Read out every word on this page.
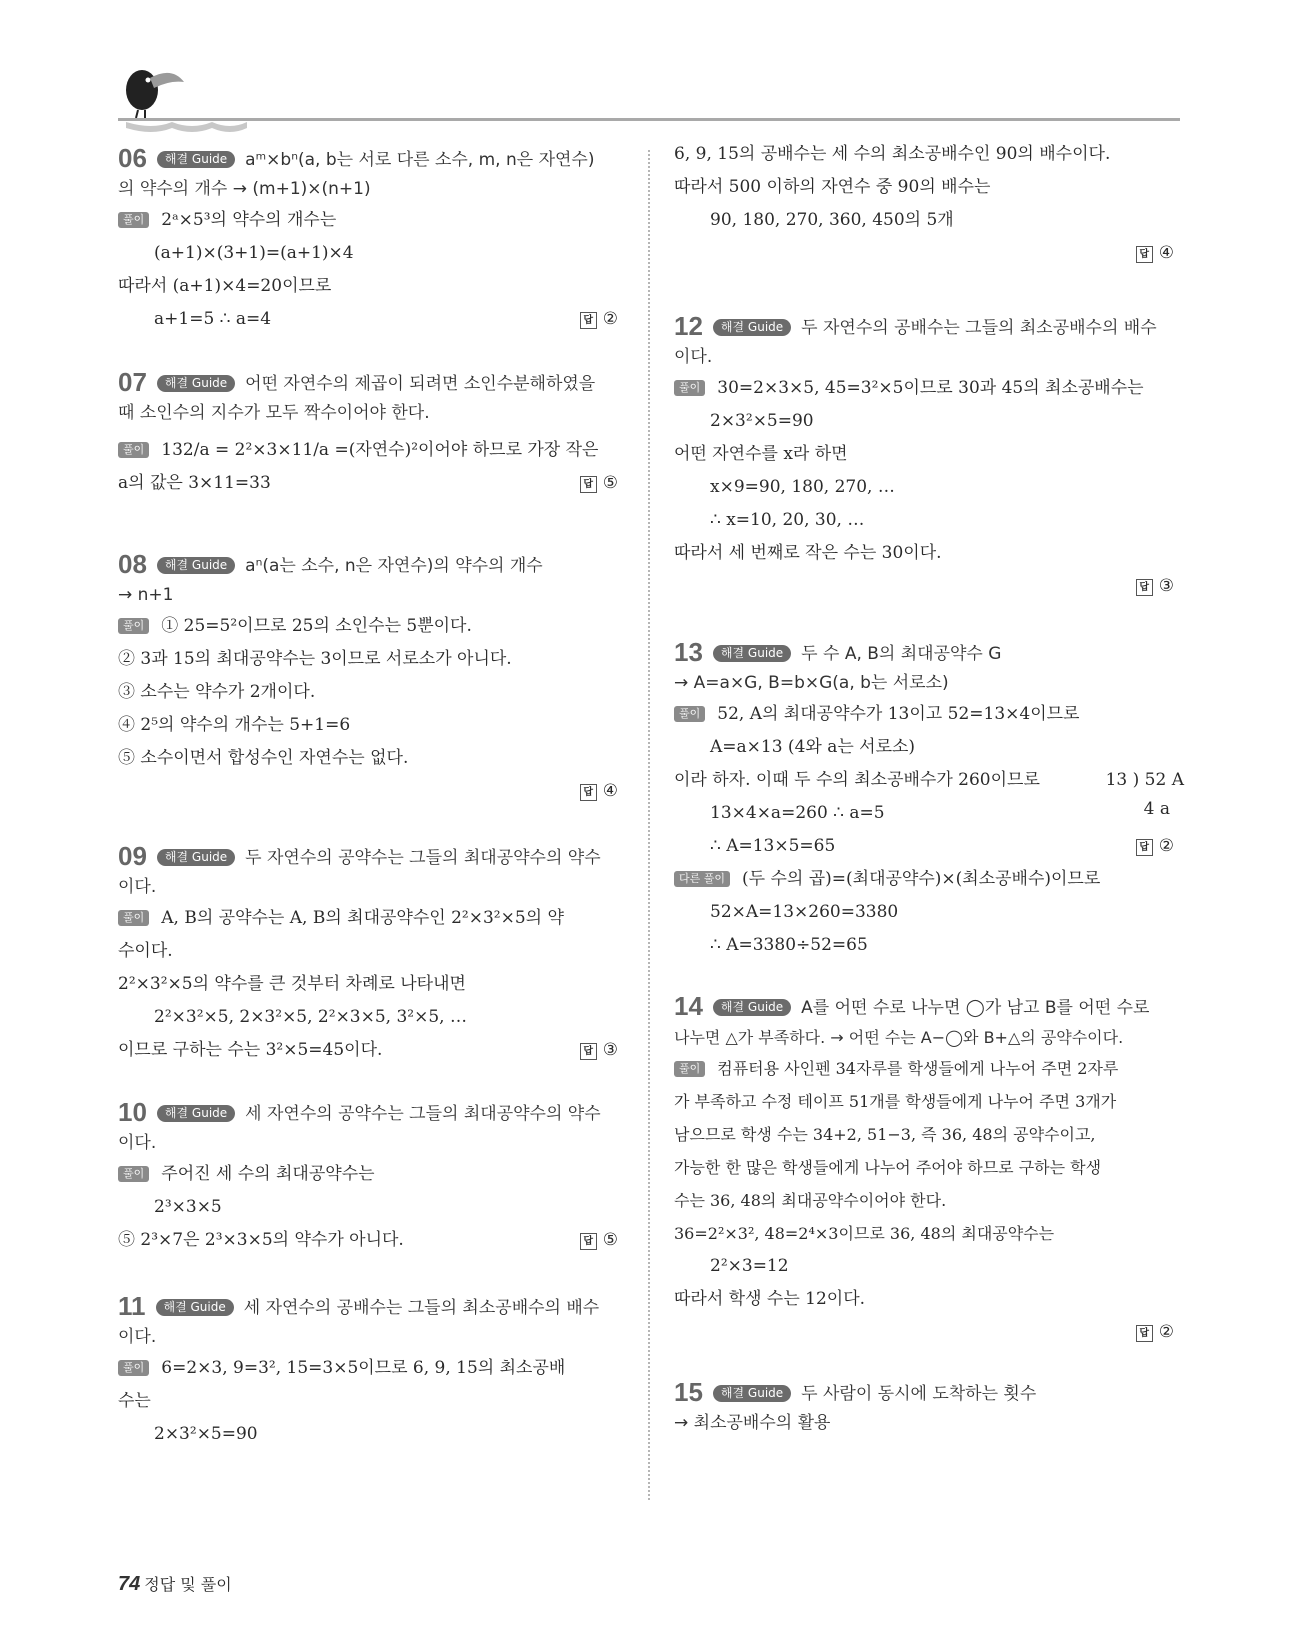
06 해결 Guide aᵐ×bⁿ(a, b는 서로 다른 소수, m, n은 자연수)

의 약수의 개수 → (m+1)×(n+1)

풀이 2ᵃ×5³의 약수의 개수는

(a+1)×(3+1)=(a+1)×4

따라서 (a+1)×4=20이므로

a+1=5 ∴ a=4	답 ②

07 해결 Guide 어떤 자연수의 제곱이 되려면 소인수분해하였을

때 소인수의 지수가 모두 짝수이어야 한다.

풀이 132/a = 2²×3×11/a =(자연수)²이어야 하므로 가장 작은

a의 값은 3×11=33	답 ⑤

08 해결 Guide aⁿ(a는 소수, n은 자연수)의 약수의 개수

→ n+1

풀이 ① 25=5²이므로 25의 소인수는 5뿐이다.

② 3과 15의 최대공약수는 3이므로 서로소가 아니다.

③ 소수는 약수가 2개이다.

④ 2⁵의 약수의 개수는 5+1=6

⑤ 소수이면서 합성수인 자연수는 없다.

답 ④

09 해결 Guide 두 자연수의 공약수는 그들의 최대공약수의 약수

이다.

풀이 A, B의 공약수는 A, B의 최대공약수인 2²×3²×5의 약

수이다.

2²×3²×5의 약수를 큰 것부터 차례로 나타내면

2²×3²×5, 2×3²×5, 2²×3×5, 3²×5, …

이므로 구하는 수는 3²×5=45이다.	답 ③

10 해결 Guide 세 자연수의 공약수는 그들의 최대공약수의 약수

이다.

풀이 주어진 세 수의 최대공약수는

2³×3×5

⑤ 2³×7은 2³×3×5의 약수가 아니다.	답 ⑤

11 해결 Guide 세 자연수의 공배수는 그들의 최소공배수의 배수

이다.

풀이 6=2×3, 9=3², 15=3×5이므로 6, 9, 15의 최소공배

수는

2×3²×5=90

6, 9, 15의 공배수는 세 수의 최소공배수인 90의 배수이다.

따라서 500 이하의 자연수 중 90의 배수는

90, 180, 270, 360, 450의 5개

답 ④

12 해결 Guide 두 자연수의 공배수는 그들의 최소공배수의 배수

이다.

풀이 30=2×3×5, 45=3²×5이므로 30과 45의 최소공배수는

2×3²×5=90

어떤 자연수를 x라 하면

x×9=90, 180, 270, …

∴ x=10, 20, 30, …

따라서 세 번째로 작은 수는 30이다.

답 ③

13 해결 Guide 두 수 A, B의 최대공약수 G

→ A=a×G, B=b×G(a, b는 서로소)

풀이 52, A의 최대공약수가 13이고 52=13×4이므로

A=a×13 (4와 a는 서로소)

이라 하자. 이때 두 수의 최소공배수가 260이므로	13 ) 52 A

13×4×a=260 ∴ a=5	4 a

∴ A=13×5=65	답 ②

다른 풀이 (두 수의 곱)=(최대공약수)×(최소공배수)이므로

52×A=13×260=3380

∴ A=3380÷52=65

14 해결 Guide A를 어떤 수로 나누면 ◯가 남고 B를 어떤 수로

나누면 △가 부족하다. → 어떤 수는 A−◯와 B+△의 공약수이다.

풀이 컴퓨터용 사인펜 34자루를 학생들에게 나누어 주면 2자루

가 부족하고 수정 테이프 51개를 학생들에게 나누어 주면 3개가

남으므로 학생 수는 34+2, 51−3, 즉 36, 48의 공약수이고,

가능한 한 많은 학생들에게 나누어 주어야 하므로 구하는 학생

수는 36, 48의 최대공약수이어야 한다.

36=2²×3², 48=2⁴×3이므로 36, 48의 최대공약수는

2²×3=12

따라서 학생 수는 12이다.

답 ②

15 해결 Guide 두 사람이 동시에 도착하는 횟수

→ 최소공배수의 활용

74 정답 및 풀이
